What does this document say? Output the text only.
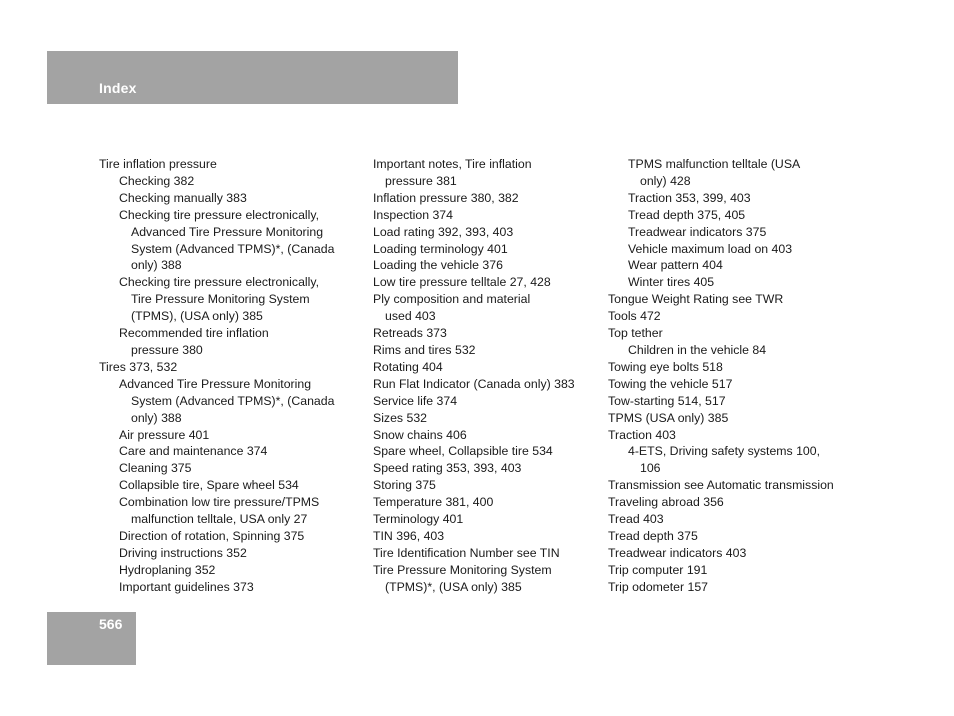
Index
Tire inflation pressure
Checking 382
Checking manually 383
Checking tire pressure electronically,
Advanced Tire Pressure Monitoring
System (Advanced TPMS)*, (Canada
only) 388
Checking tire pressure electronically,
Tire Pressure Monitoring System
(TPMS), (USA only) 385
Recommended tire inflation
pressure 380
Tires 373, 532
Advanced Tire Pressure Monitoring
System (Advanced TPMS)*, (Canada
only) 388
Air pressure 401
Care and maintenance 374
Cleaning 375
Collapsible tire, Spare wheel 534
Combination low tire pressure/TPMS
malfunction telltale, USA only 27
Direction of rotation, Spinning 375
Driving instructions 352
Hydroplaning 352
Important guidelines 373
Important notes, Tire inflation
pressure 381
Inflation pressure 380, 382
Inspection 374
Load rating 392, 393, 403
Loading terminology 401
Loading the vehicle 376
Low tire pressure telltale 27, 428
Ply composition and material
used 403
Retreads 373
Rims and tires 532
Rotating 404
Run Flat Indicator (Canada only) 383
Service life 374
Sizes 532
Snow chains 406
Spare wheel, Collapsible tire 534
Speed rating 353, 393, 403
Storing 375
Temperature 381, 400
Terminology 401
TIN 396, 403
Tire Identification Number see TIN
Tire Pressure Monitoring System
(TPMS)*, (USA only) 385
TPMS malfunction telltale (USA
only) 428
Traction 353, 399, 403
Tread depth 375, 405
Treadwear indicators 375
Vehicle maximum load on 403
Wear pattern 404
Winter tires 405
Tongue Weight Rating see TWR
Tools 472
Top tether
Children in the vehicle 84
Towing eye bolts 518
Towing the vehicle 517
Tow-starting 514, 517
TPMS (USA only) 385
Traction 403
4-ETS, Driving safety systems 100,
106
Transmission see Automatic transmission
Traveling abroad 356
Tread 403
Tread depth 375
Treadwear indicators 403
Trip computer 191
Trip odometer 157
566
